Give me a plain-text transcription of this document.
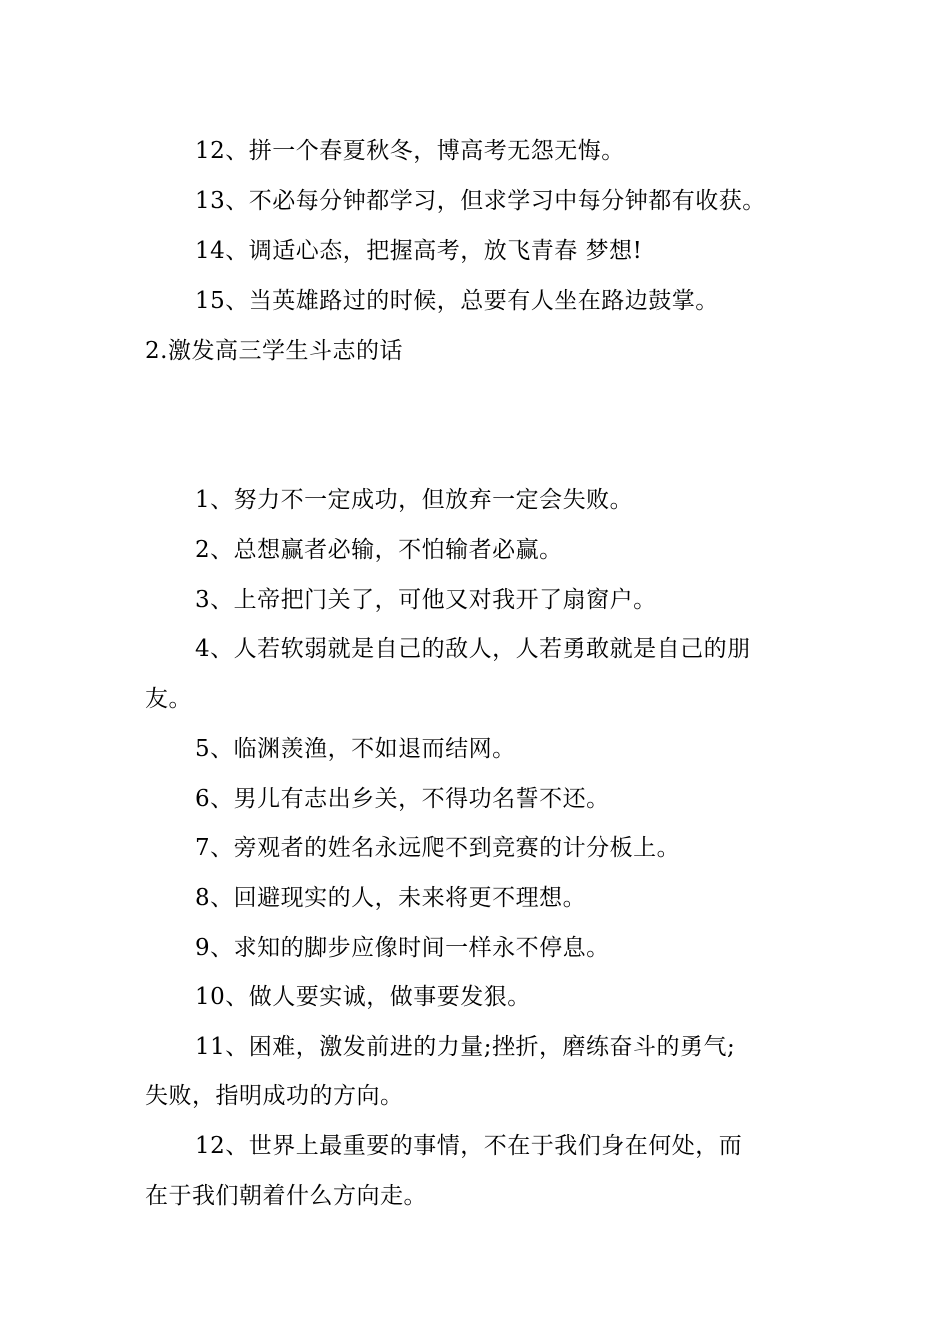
12、拼一个春夏秋冬，博高考无怨无悔。
13、不必每分钟都学习，但求学习中每分钟都有收获。
14、调适心态，把握高考，放飞青春 梦想!
15、当英雄路过的时候，总要有人坐在路边鼓掌。
2.激发高三学生斗志的话
1、努力不一定成功，但放弃一定会失败。
2、总想赢者必输，不怕输者必赢。
3、上帝把门关了，可他又对我开了扇窗户。
4、人若软弱就是自己的敌人，人若勇敢就是自己的朋
友。
5、临渊羡渔，不如退而结网。
6、男儿有志出乡关，不得功名誓不还。
7、旁观者的姓名永远爬不到竞赛的计分板上。
8、回避现实的人，未来将更不理想。
9、求知的脚步应像时间一样永不停息。
10、做人要实诚，做事要发狠。
11、困难，激发前进的力量;挫折，磨练奋斗的勇气;
失败，指明成功的方向。
12、世界上最重要的事情，不在于我们身在何处，而
在于我们朝着什么方向走。
